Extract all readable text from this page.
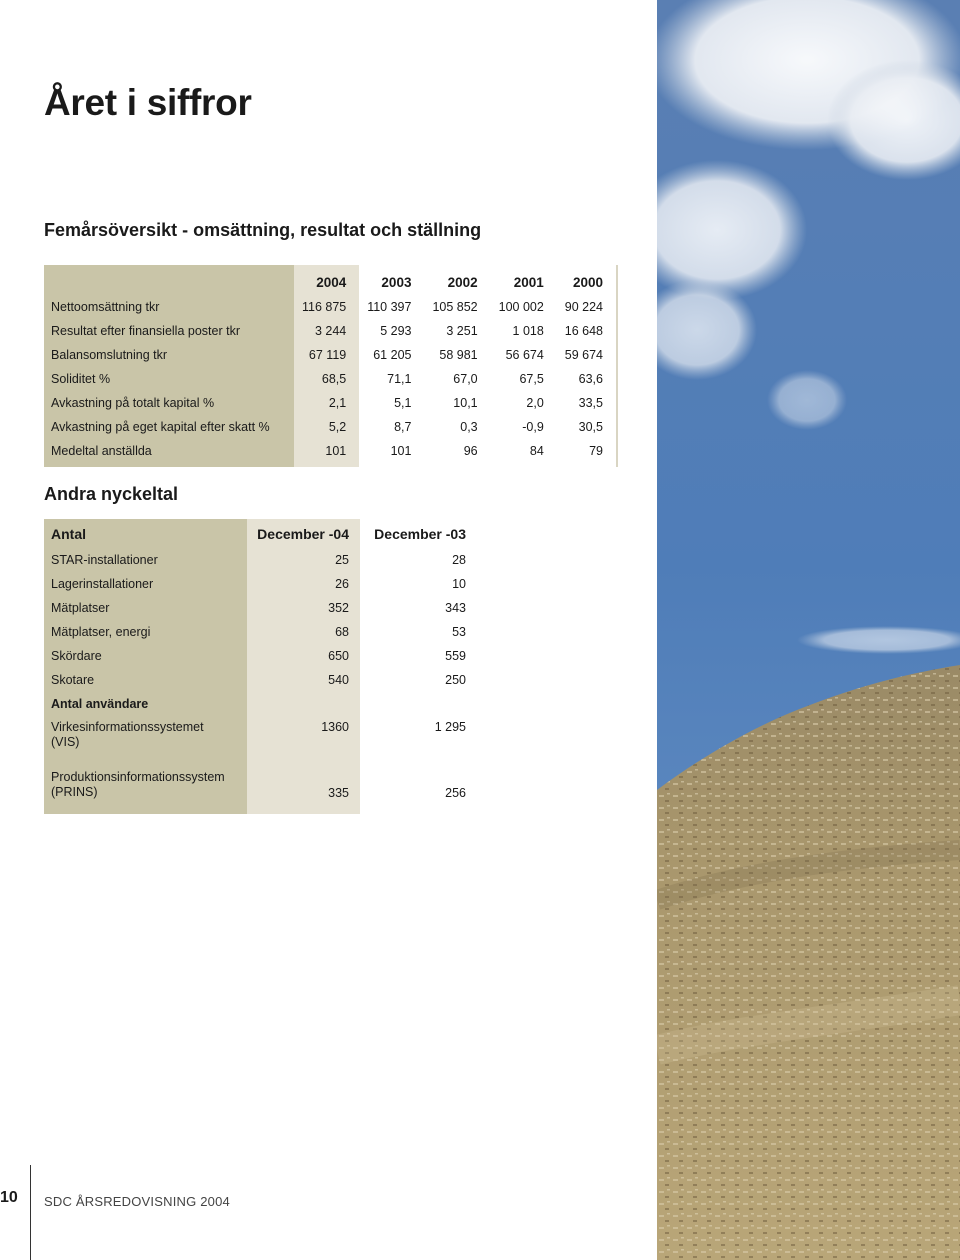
Året i siffror
Femårsöversikt - omsättning, resultat och ställning
	2004	2003	2002	2001	2000
Nettoomsättning tkr	116 875	110 397	105 852	100 002	90 224
Resultat efter finansiella poster tkr	3 244	5 293	3 251	1 018	16 648
Balansomslutning tkr	67 119	61 205	58 981	56 674	59 674
Soliditet %	68,5	71,1	67,0	67,5	63,6
Avkastning på totalt kapital %	2,1	5,1	10,1	2,0	33,5
Avkastning på eget kapital efter skatt %	5,2	8,7	0,3	-0,9	30,5
Medeltal anställda	101	101	96	84	79
Andra nyckeltal
Antal	December -04	December -03
STAR-installationer	25	28
Lagerinstallationer	26	10
Mätplatser	352	343
Mätplatser, energi	68	53
Skördare	650	559
Skotare	540	250
Antal användare		
Virkesinformationssystemet
(VIS)	1360	1 295
Produktionsinformationssystem
(PRINS)	335	256
10 SDC ÅRSREDOVISNING 2004
